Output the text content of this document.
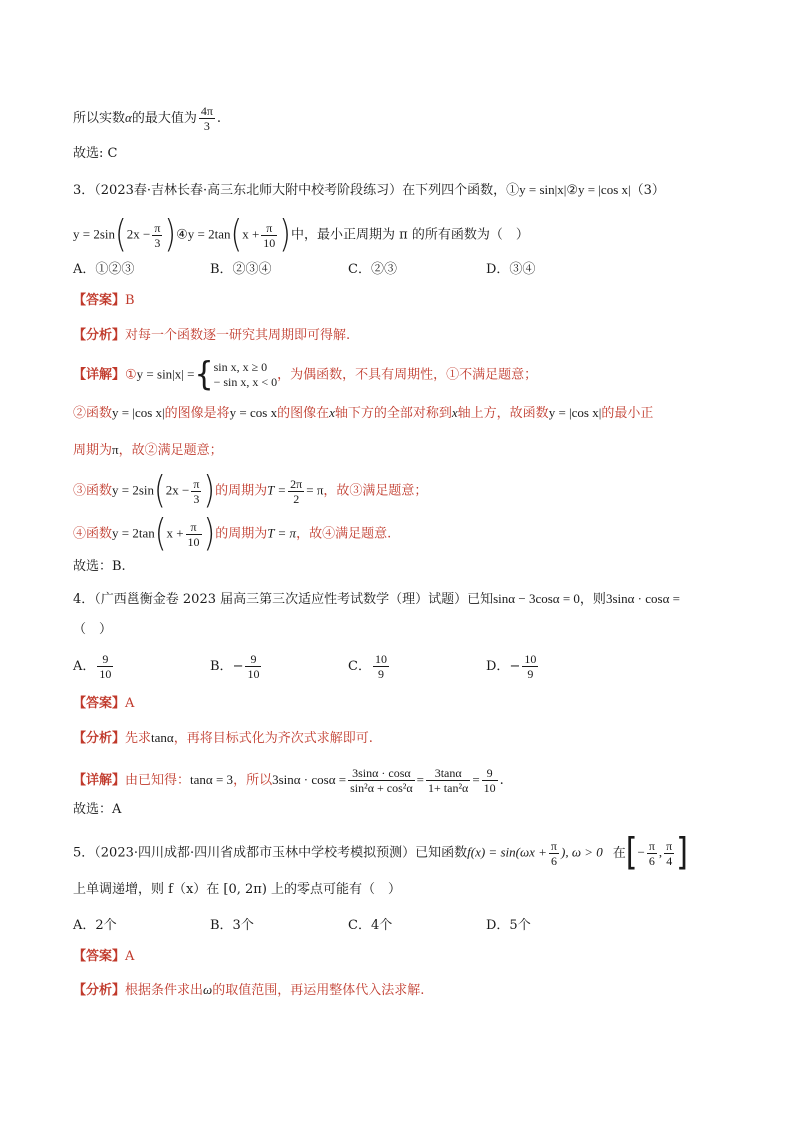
所以实数α的最大值为 $\frac{4\pi}{3}$ .
故选: C
3．（2023春·吉林长春·高三东北师大附中校考阶段练习）在下列四个函数，①y = sin|x|②y = |cos x|（3）
$y = 2\sin(2x - \frac{\pi}{3}$ )④y = $2\tan(x + \frac{\pi}{10}$ )中，最小正周期为 π 的所有函数为（　）
A．①②③	B．②③④	C．②③	D．③④
【答案】B
【分析】对每一个函数逐一研究其周期即可得解.
【详解】①y = sin|x| ={ sin x, x ≥ 0
− sin x, x < 0 ，为偶函数，不具有周期性，①不满足题意；
②函数y = |cos x|的图像是将y = cos x的图像在x轴下方的全部对称到x轴上方，故函数y = |cos x|的最小正
周期为π，故②满足题意；
③函数$y = 2\sin(2x - \frac{\pi}{3}$ )的周期为$T = \frac{2\pi}{2} = \pi$，故③满足题意；
④函数$y = 2\tan(x + \frac{\pi}{10}$ )的周期为T = π，故④满足题意.
故选：B.
4．（广西邕衡金卷 2023 届高三第三次适应性考试数学（理）试题）已知sinα − 3cosα = 0，则3sinα · cosα =
（　）
A． $\frac{9}{10}$	B．− $\frac{9}{10}$	C． $\frac{10}{9}$	D．− $\frac{10}{9}$
【答案】A
【分析】先求tanα，再将目标式化为齐次式求解即可.
【详解】由已知得：tanα = 3，所以$3\sin\alpha \cdot \cos\alpha = \frac{3\sin\alpha \cdot \cos\alpha}{\text{sin²α + cos²α}} = \frac{3\tan\alpha}{\text{1+ tan²α}} = \frac{9}{10}$ .
故选：A
5．（2023·四川成都·四川省成都市玉林中学校考模拟预测）已知函数$f(x) = \sin(\omega x + \frac{\pi}{6}$ ), ω > 0 在[− $\frac{\pi}{6}$ , $\frac{\pi}{4}$ ]
上单调递增，则 f（x）在 [0, 2π) 上的零点可能有（　）
A．2个	B．3个	C．4个	D．5个
【答案】A
【分析】根据条件求出ω的取值范围，再运用整体代入法求解.
